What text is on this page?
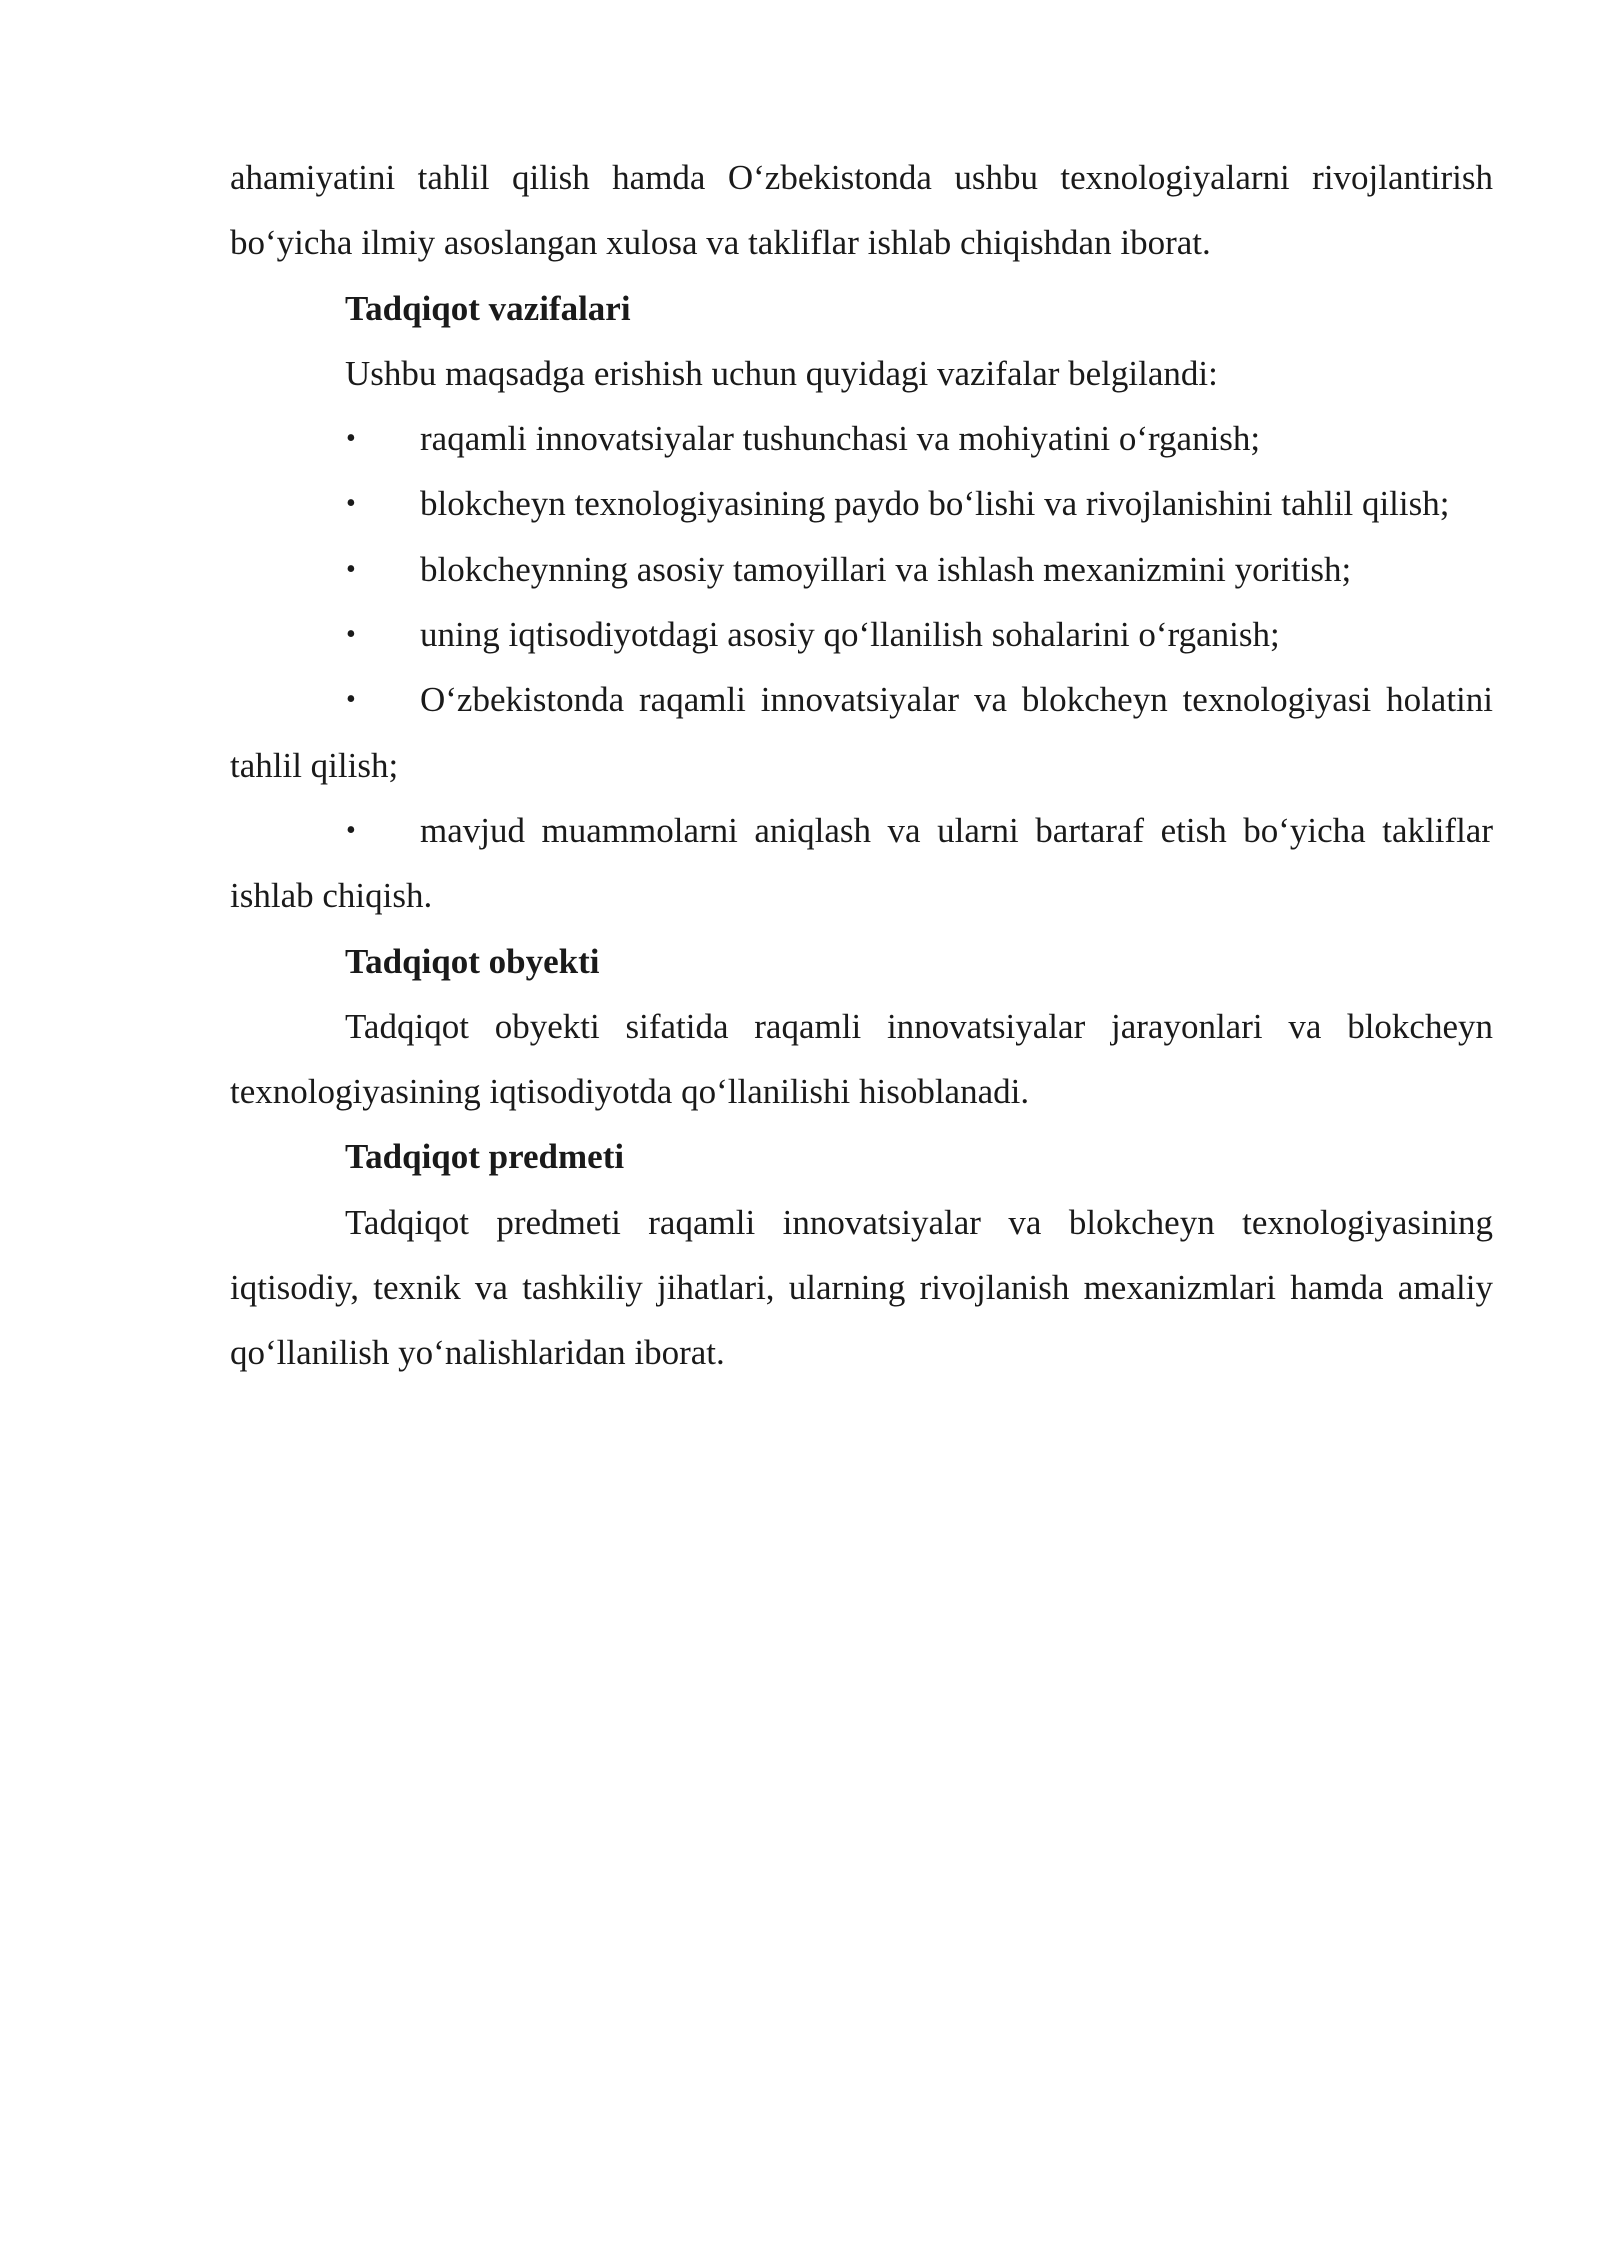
ahamiyatini tahlil qilish hamda O‘zbekistonda ushbu texnologiyalarni rivojlantirish bo‘yicha ilmiy asoslangan xulosa va takliflar ishlab chiqishdan iborat.

Tadqiqot vazifalari

Ushbu maqsadga erishish uchun quyidagi vazifalar belgilandi:

• raqamli innovatsiyalar tushunchasi va mohiyatini o‘rganish;

• blokcheyn texnologiyasining paydo bo‘lishi va rivojlanishini tahlil qilish;

• blokcheynning asosiy tamoyillari va ishlash mexanizmini yoritish;

• uning iqtisodiyotdagi asosiy qo‘llanilish sohalarini o‘rganish;

• O‘zbekistonda raqamli innovatsiyalar va blokcheyn texnologiyasi holatini tahlil qilish;

• mavjud muammolarni aniqlash va ularni bartaraf etish bo‘yicha takliflar ishlab chiqish.

Tadqiqot obyekti

Tadqiqot obyekti sifatida raqamli innovatsiyalar jarayonlari va blokcheyn texnologiyasining iqtisodiyotda qo‘llanilishi hisoblanadi.

Tadqiqot predmeti

Tadqiqot predmeti raqamli innovatsiyalar va blokcheyn texnologiyasining iqtisodiy, texnik va tashkiliy jihatlari, ularning rivojlanish mexanizmlari hamda amaliy qo‘llanilish yo‘nalishlaridan iborat.
